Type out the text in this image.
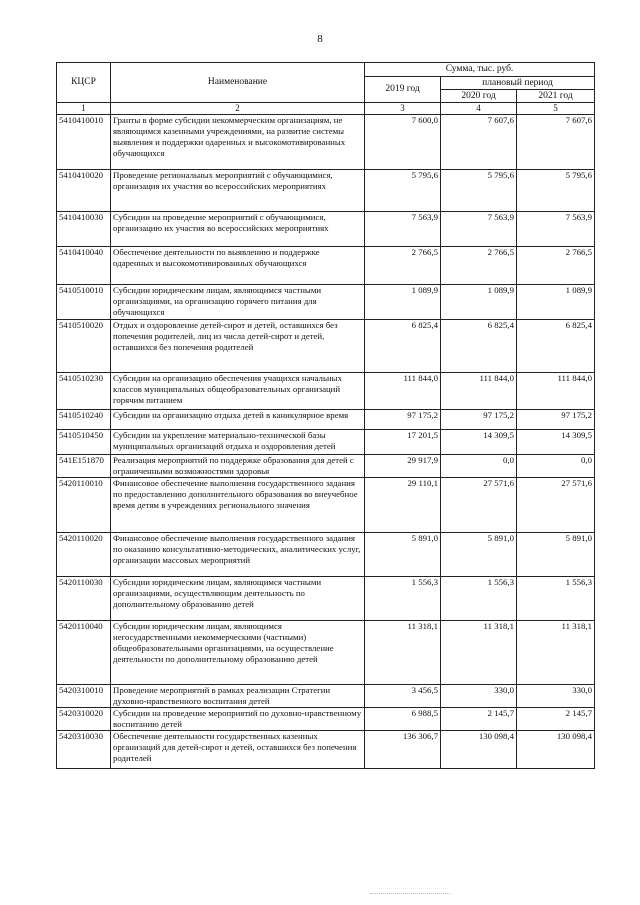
8
КЦСР	Наименование	Сумма, тыс. руб.		
		2019 год	плановый период	
			2020 год	2021 год
1	2	3	4	5
5410410010	Гранты в форме субсидии некоммерческим организациям, не являющимся казенными учреждениями, на развитие системы выявления и поддержки одаренных и высокомотивированных обучающихся	7 600,0	7 607,6	7 607,6
5410410020	Проведение региональных мероприятий с обучающимися, организация их участия во всероссийских мероприятиях	5 795,6	5 795,6	5 795,6
5410410030	Субсидии на проведение мероприятий с обучающимися, организацию их участия во всероссийских мероприятиях	7 563,9	7 563,9	7 563,9
5410410040	Обеспечение деятельности по выявлению и поддержке одаренных и высокомотивированных обучающихся	2 766,5	2 766,5	2 766,5
5410510010	Субсидии юридическим лицам, являющимся частными организациями, на организацию горячего питания для обучающихся	1 089,9	1 089,9	1 089,9
5410510020	Отдых и оздоровление детей-сирот и детей, оставшихся без попечения родителей, лиц из числа детей-сирот и детей, оставшихся без попечения родителей	6 825,4	6 825,4	6 825,4
5410510230	Субсидии на организацию обеспечения учащихся начальных классов муниципальных общеобразовательных организаций горячим питанием	111 844,0	111 844,0	111 844,0
5410510240	Субсидии на организацию отдыха детей в каникулярное время	97 175,2	97 175,2	97 175,2
5410510450	Субсидии на укрепление материально-технической базы муниципальных организаций отдыха и оздоровления детей	17 201,5	14 309,5	14 309,5
541E151870	Реализация мероприятий по поддержке образования для детей с ограниченными возможностями здоровья	29 917,9	0,0	0,0
5420110010	Финансовое обеспечение выполнения государственного задания по предоставлению дополнительного образования во внеучебное время детям в учреждениях регионального значения	29 110,1	27 571,6	27 571,6
5420110020	Финансовое обеспечение выполнения государственного задания по оказанию консультативно-методических, аналитических услуг, организации массовых мероприятий	5 891,0	5 891,0	5 891,0
5420110030	Субсидии юридическим лицам, являющимся частными организациями, осуществляющим деятельность по дополнительному образованию детей	1 556,3	1 556,3	1 556,3
5420110040	Субсидии юридическим лицам, являющимся негосударственными некоммерческими (частными) общеобразовательными организациями, на осуществление деятельности по дополнительному образованию детей	11 318,1	11 318,1	11 318,1
5420310010	Проведение мероприятий в рамках реализации Стратегии духовно-нравственного воспитания детей	3 456,5	330,0	330,0
5420310020	Субсидии на проведение мероприятий по духовно-нравственному воспитанию детей	6 988,5	2 145,7	2 145,7
5420310030	Обеспечение деятельности государственных казенных организаций для детей-сирот и детей, оставшихся без попечения родителей	136 306,7	130 098,4	130 098,4
